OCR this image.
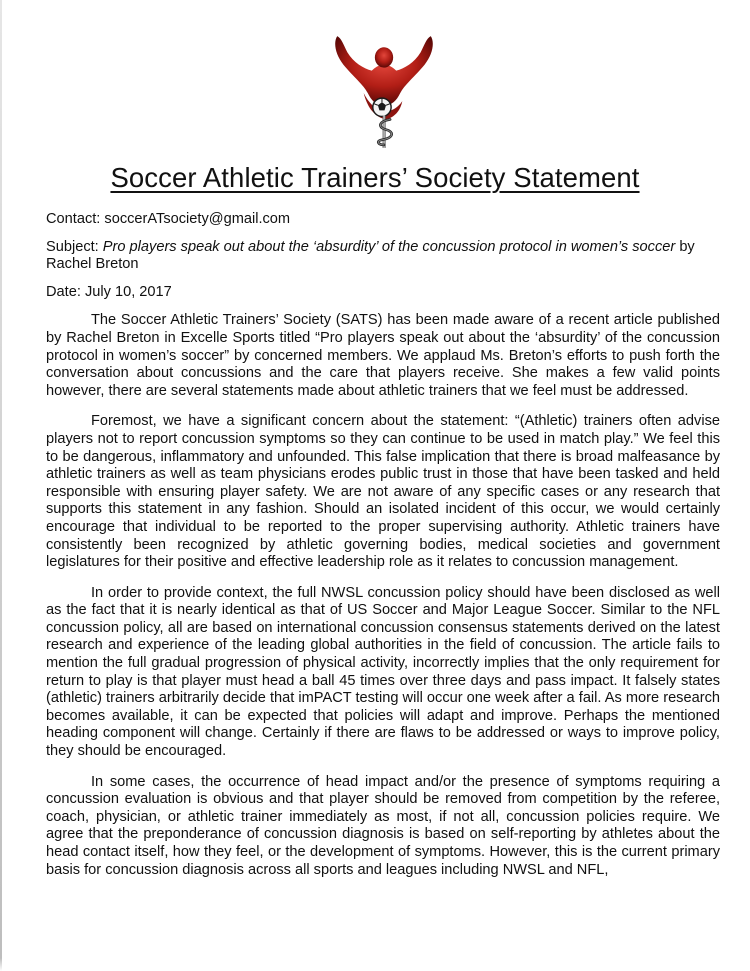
Soccer Athletic Trainers’ Society Statement

Contact: soccerATsociety@gmail.com

Subject: Pro players speak out about the ‘absurdity’ of the concussion protocol in women’s soccer by Rachel Breton

Date: July 10, 2017

The Soccer Athletic Trainers’ Society (SATS) has been made aware of a recent article published by Rachel Breton in Excelle Sports titled “Pro players speak out about the ‘absurdity’ of the concussion protocol in women’s soccer” by concerned members. We applaud Ms. Breton’s efforts to push forth the conversation about concussions and the care that players receive. She makes a few valid points however, there are several statements made about athletic trainers that we feel must be addressed.

Foremost, we have a significant concern about the statement: “(Athletic) trainers often advise players not to report concussion symptoms so they can continue to be used in match play.” We feel this to be dangerous, inflammatory and unfounded. This false implication that there is broad malfeasance by athletic trainers as well as team physicians erodes public trust in those that have been tasked and held responsible with ensuring player safety. We are not aware of any specific cases or any research that supports this statement in any fashion. Should an isolated incident of this occur, we would certainly encourage that individual to be reported to the proper supervising authority. Athletic trainers have consistently been recognized by athletic governing bodies, medical societies and government legislatures for their positive and effective leadership role as it relates to concussion management.

In order to provide context, the full NWSL concussion policy should have been disclosed as well as the fact that it is nearly identical as that of US Soccer and Major League Soccer. Similar to the NFL concussion policy, all are based on international concussion consensus statements derived on the latest research and experience of the leading global authorities in the field of concussion. The article fails to mention the full gradual progression of physical activity, incorrectly implies that the only requirement for return to play is that player must head a ball 45 times over three days and pass impact. It falsely states (athletic) trainers arbitrarily decide that imPACT testing will occur one week after a fail. As more research becomes available, it can be expected that policies will adapt and improve. Perhaps the mentioned heading component will change. Certainly if there are flaws to be addressed or ways to improve policy, they should be encouraged.

In some cases, the occurrence of head impact and/or the presence of symptoms requiring a concussion evaluation is obvious and that player should be removed from competition by the referee, coach, physician, or athletic trainer immediately as most, if not all, concussion policies require. We agree that the preponderance of concussion diagnosis is based on self-reporting by athletes about the head contact itself, how they feel, or the development of symptoms. However, this is the current primary basis for concussion diagnosis across all sports and leagues including NWSL and NFL,
